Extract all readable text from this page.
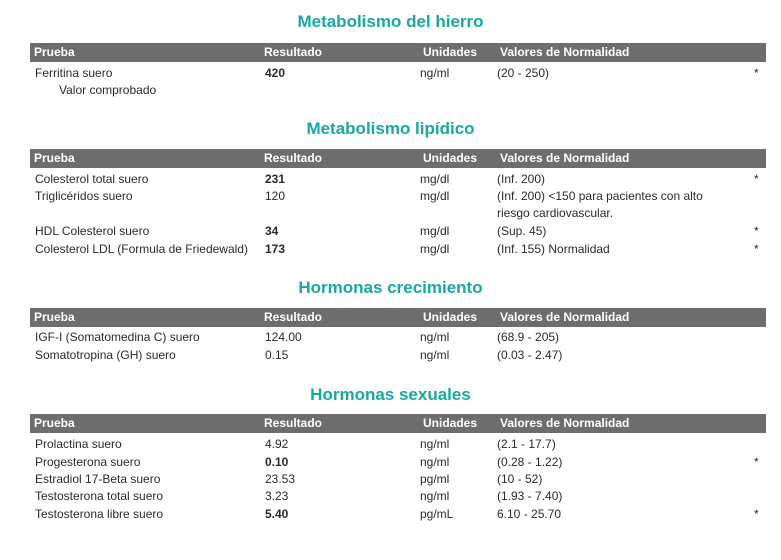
Metabolismo del hierro
Prueba	Resultado	Unidades Valores de Normalidad
Ferritina suero	420	ng/ml	(20 - 250)	*
Valor comprobado
Metabolismo lipídico
Prueba	Resultado	Unidades Valores de Normalidad
Colesterol total suero	231	mg/dl	(Inf. 200)	*
Triglicéridos suero	120	mg/dl	(Inf. 200) <150 para pacientes con alto
riesgo cardiovascular.
HDL Colesterol suero	34	mg/dl	(Sup. 45)	*
Colesterol LDL (Formula de Friedewald) 173	mg/dl	(Inf. 155) Normalidad	*
Hormonas crecimiento
Prueba	Resultado	Unidades Valores de Normalidad
IGF-I (Somatomedina C) suero	124.00	ng/ml	(68.9 - 205)
Somatotropina (GH) suero	0.15	ng/ml	(0.03 - 2.47)
Hormonas sexuales
Prueba	Resultado	Unidades Valores de Normalidad
Prolactina suero	4.92	ng/ml	(2.1 - 17.7)
Progesterona suero	0.10	ng/ml	(0.28 - 1.22)	*
Estradiol 17-Beta suero	23.53	pg/ml	(10 - 52)
Testosterona total suero	3.23	ng/ml	(1.93 - 7.40)
Testosterona libre suero	5.40	pg/mL	6.10 - 25.70	*
